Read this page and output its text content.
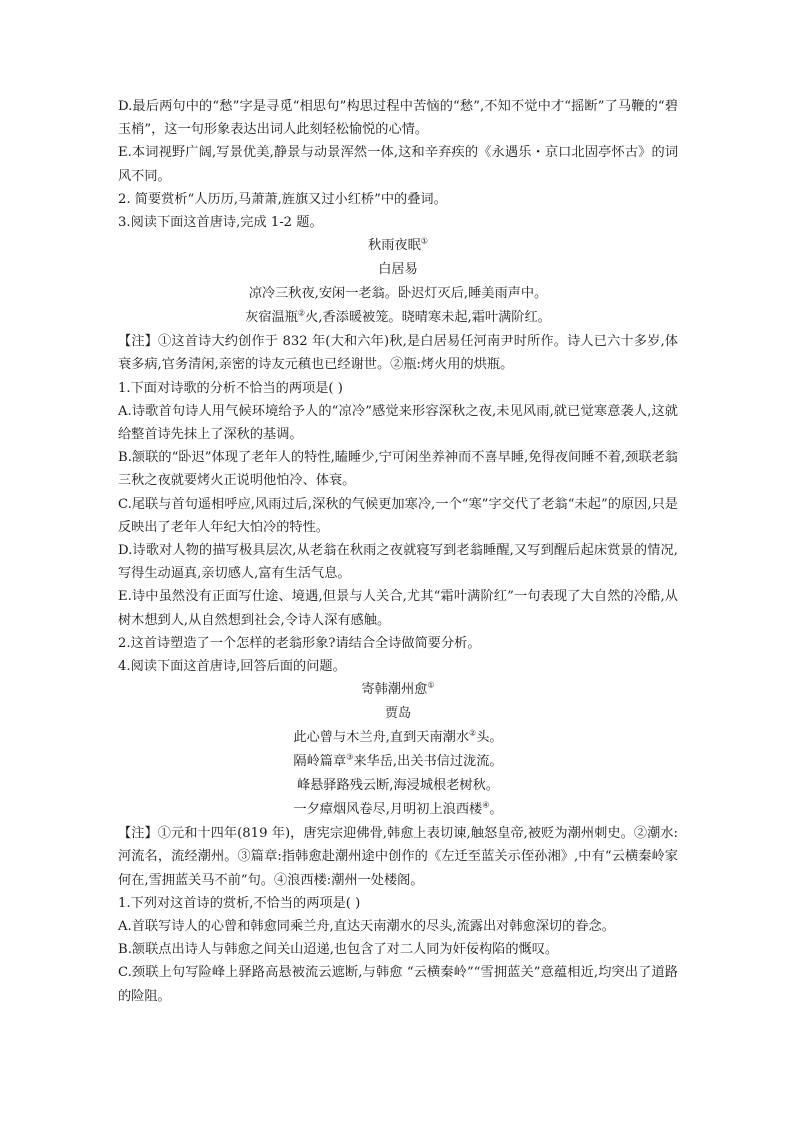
D.最后两句中的“愁”字是寻觅“相思句”构思过程中苦恼的“愁”,不知不觉中才“摇断”了马鞭的“碧玉梢”，这一句形象表达出词人此刻轻松愉悦的心情。

E.本词视野广阔,写景优美,静景与动景浑然一体,这和辛弃疾的《永遇乐・京口北固亭怀古》的词风不同。

2. 简要赏析“人历历,马萧萧,旌旗又过小红桥”中的叠词。

3.阅读下面这首唐诗,完成 1-2 题。

秋雨夜眠①

白居易

凉冷三秋夜,安闲一老翁。卧迟灯灭后,睡美雨声中。

灰宿温瓶②火,香添暖被笼。晓晴寒未起,霜叶满阶红。

【注】①这首诗大约创作于 832 年(大和六年)秋,是白居易任河南尹时所作。诗人已六十多岁,体衰多病,官务清闲,亲密的诗友元稹也已经谢世。②瓶:烤火用的烘瓶。

1.下面对诗歌的分析不恰当的两项是( )

A.诗歌首句诗人用气候环境给予人的“凉冷”感觉来形容深秋之夜,未见风雨,就已觉寒意袭人,这就给整首诗先抹上了深秋的基调。

B.颔联的“卧迟”体现了老年人的特性,瞌睡少,宁可闲坐养神而不喜早睡,免得夜间睡不着,颈联老翁三秋之夜就要烤火正说明他怕冷、体衰。

C.尾联与首句遥相呼应,风雨过后,深秋的气候更加寒冷,一个“寒”字交代了老翁“未起”的原因,只是反映出了老年人年纪大怕冷的特性。

D.诗歌对人物的描写极具层次,从老翁在秋雨之夜就寝写到老翁睡醒,又写到醒后起床赏景的情况,写得生动逼真,亲切感人,富有生活气息。

E.诗中虽然没有正面写仕途、境遇,但景与人关合,尤其“霜叶满阶红”一句表现了大自然的冷酷,从树木想到人,从自然想到社会,令诗人深有感触。

2.这首诗塑造了一个怎样的老翁形象?请结合全诗做简要分析。

4.阅读下面这首唐诗,回答后面的问题。

寄韩潮州愈①

贾岛

此心曾与木兰舟,直到天南潮水②头。

隔岭篇章③来华岳,出关书信过泷流。

峰悬驿路残云断,海浸城根老树秋。

一夕瘴烟风卷尽,月明初上浪西楼④。

【注】①元和十四年(819 年)，唐宪宗迎佛骨,韩愈上表切谏,触怒皇帝,被贬为潮州刺史。②潮水:河流名，流经潮州。③篇章:指韩愈赴潮州途中创作的《左迁至蓝关示侄孙湘》,中有“云横秦岭家何在,雪拥蓝关马不前”句。④浪西楼:潮州一处楼阁。

1.下列对这首诗的赏析,不恰当的两项是( )

A.首联写诗人的心曾和韩愈同乘兰舟,直达天南潮水的尽头,流露出对韩愈深切的眷念。

B.颔联点出诗人与韩愈之间关山迢递,也包含了对二人同为奸佞构陷的慨叹。

C.颈联上句写险峰上驿路高悬被流云遮断,与韩愈 “云横秦岭”“雪拥蓝关”意蕴相近,均突出了道路的险阻。
